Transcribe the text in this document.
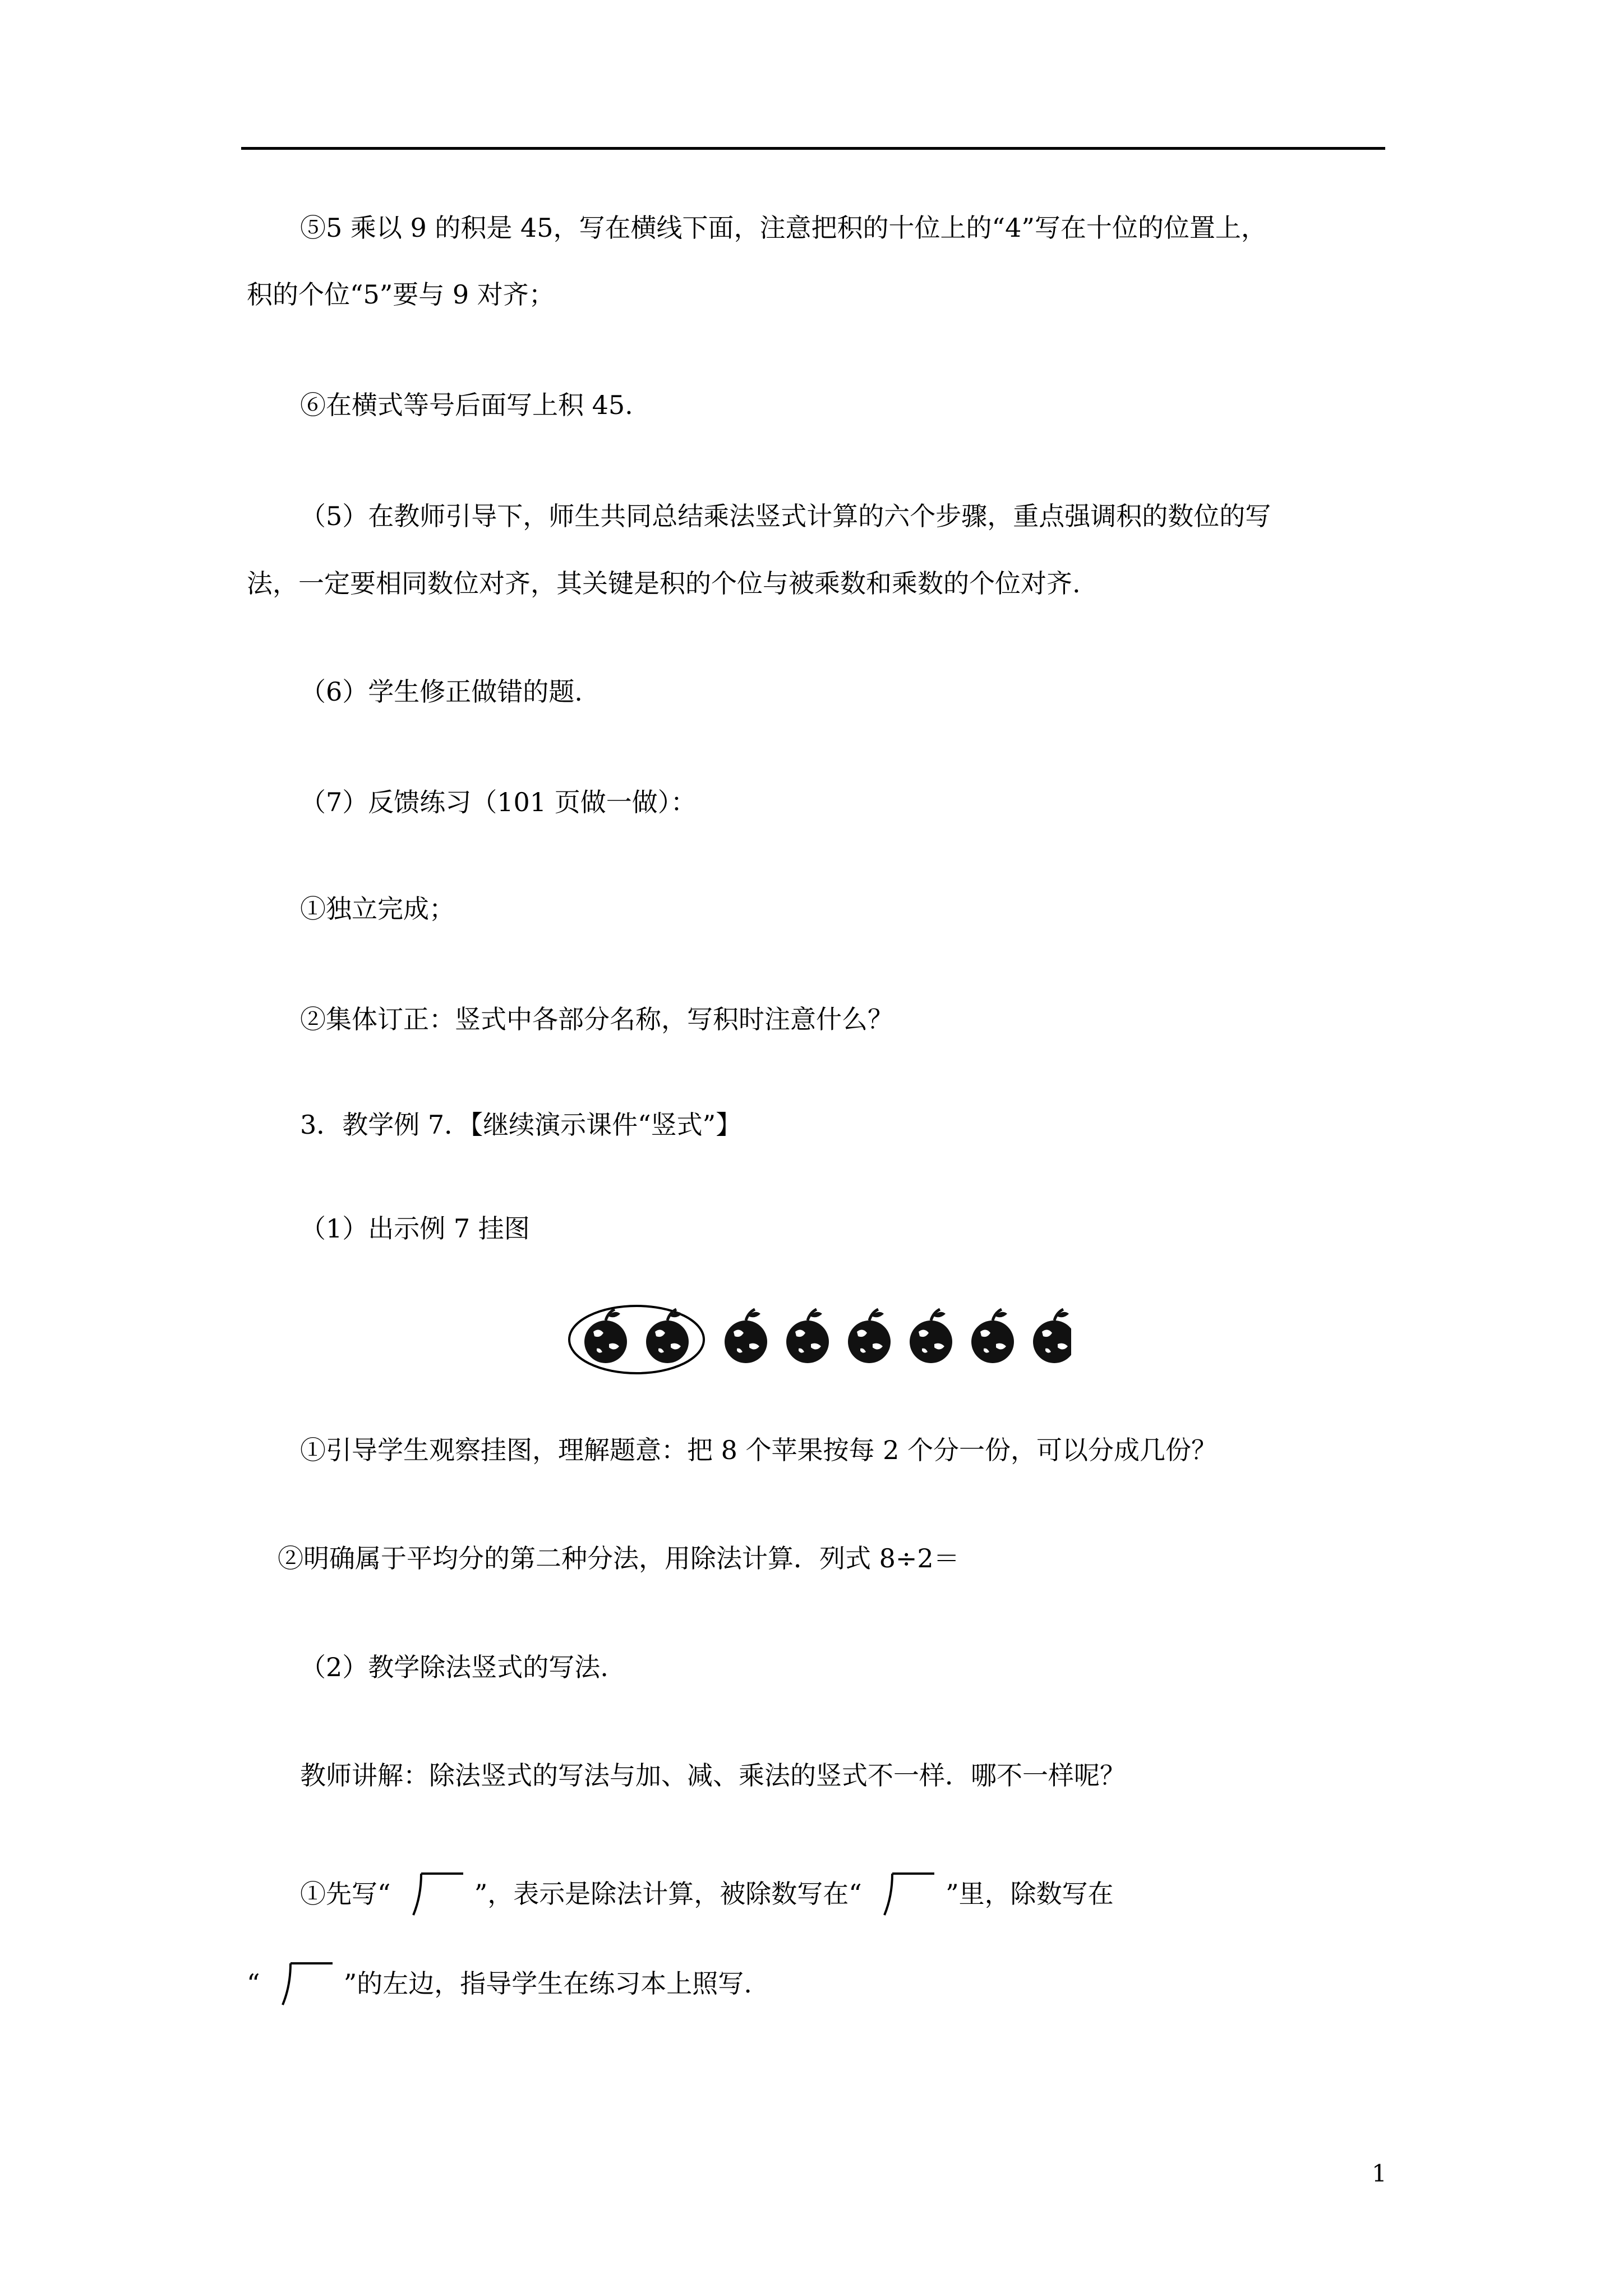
⑤5 乘以 9 的积是 45，写在横线下面，注意把积的十位上的“4”写在十位的位置上，
积的个位“5”要与 9 对齐；
⑥在横式等号后面写上积 45.
（5）在教师引导下，师生共同总结乘法竖式计算的六个步骤，重点强调积的数位的写
法，一定要相同数位对齐，其关键是积的个位与被乘数和乘数的个位对齐.
（6）学生修正做错的题.
（7）反馈练习（101 页做一做）：
①独立完成；
②集体订正：竖式中各部分名称，写积时注意什么？
3．教学例 7．【继续演示课件“竖式”】
（1）出示例 7 挂图
①引导学生观察挂图，理解题意：把 8 个苹果按每 2 个分一份，可以分成几份？
②明确属于平均分的第二种分法，用除法计算．列式 8÷2＝
（2）教学除法竖式的写法.
教师讲解：除法竖式的写法与加、减、乘法的竖式不一样．哪不一样呢？
①先写“	”，表示是除法计算，被除数写在“	”里，除数写在
“	”的左边，指导学生在练习本上照写.
1
